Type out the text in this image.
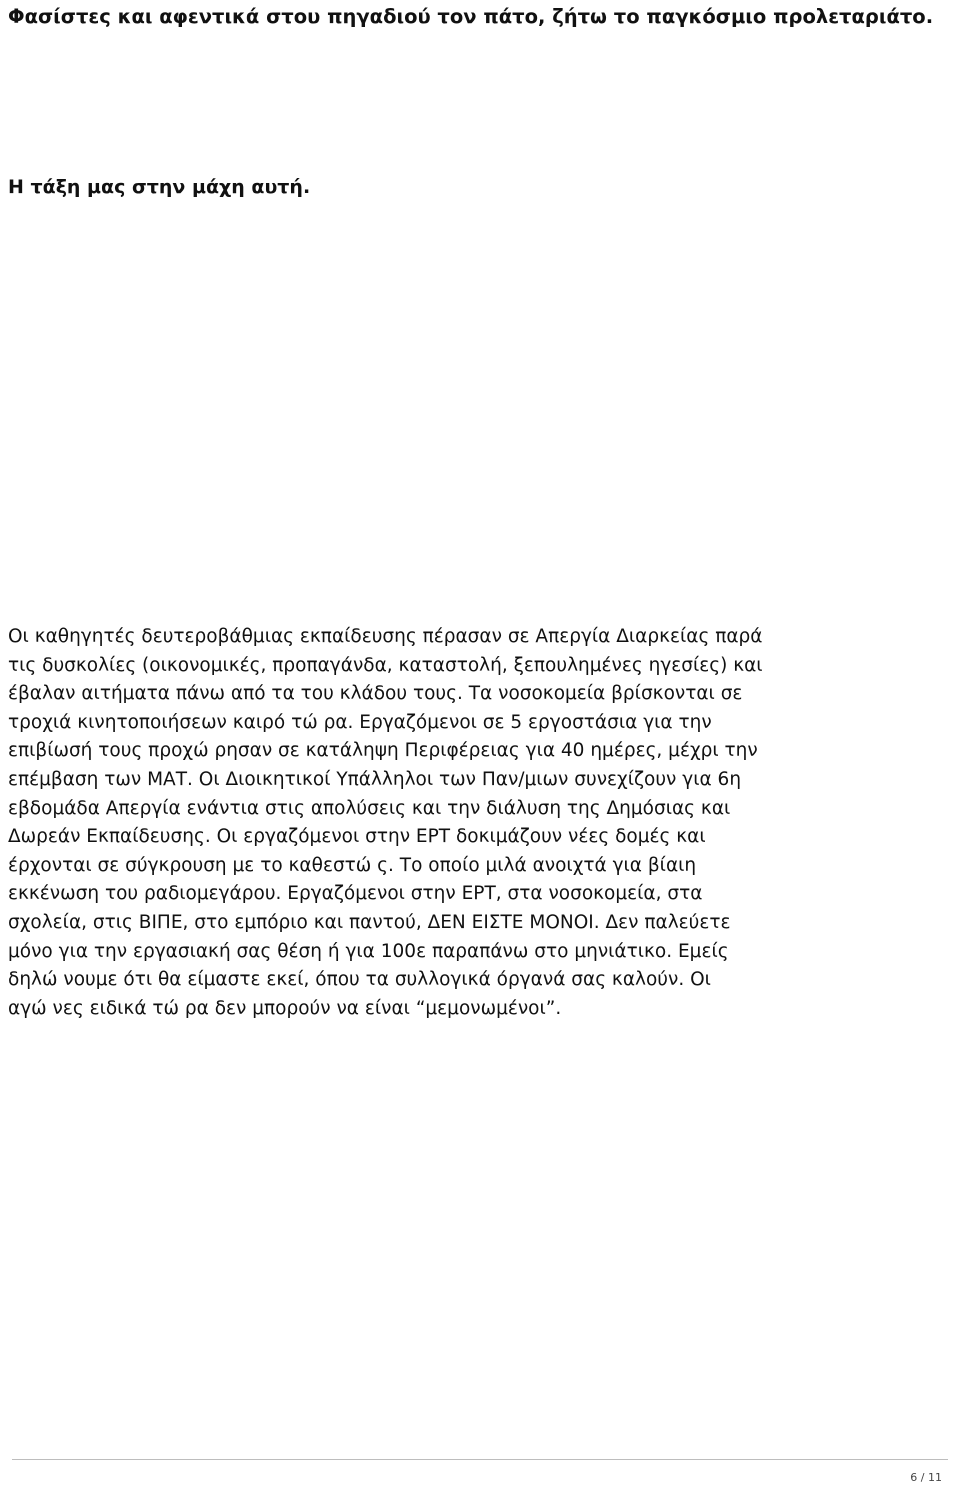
Φασίστες και αφεντικά στου πηγαδιού τον πάτο, ζήτω το παγκόσμιο προλεταριάτο.
Η τάξη μας στην μάχη αυτή.

Οι καθηγητές δευτεροβάθμιας εκπαίδευσης πέρασαν σε Απεργία Διαρκείας παρά
τις δυσκολίες (οικονομικές, προπαγάνδα, καταστολή, ξεπουλημένες ηγεσίες) και
έβαλαν αιτήματα πάνω από τα του κλάδου τους. Τα νοσοκομεία βρίσκονται σε
τροχιά κινητοποιήσεων καιρό τώ ρα. Εργαζόμενοι σε 5 εργοστάσια για την
επιβίωσή τους προχώ ρησαν σε κατάληψη Περιφέρειας για 40 ημέρες, μέχρι την
επέμβαση των ΜΑΤ. Οι Διοικητικοί Υπάλληλοι των Παν/μιων συνεχίζουν για 6η
εβδομάδα Απεργία ενάντια στις απολύσεις και την διάλυση της Δημόσιας και
Δωρεάν Εκπαίδευσης. Οι εργαζόμενοι στην ΕΡΤ δοκιμάζουν νέες δομές και
έρχονται σε σύγκρουση με το καθεστώ ς. Το οποίο μιλά ανοιχτά για βίαιη
εκκένωση του ραδιομεγάρου. Εργαζόμενοι στην ΕΡΤ, στα νοσοκομεία, στα
σχολεία, στις ΒΙΠΕ, στο εμπόριο και παντού, ΔΕΝ ΕΙΣΤΕ ΜΟΝΟΙ. Δεν παλεύετε
μόνο για την εργασιακή σας θέση ή για 100ε παραπάνω στο μηνιάτικο. Εμείς
δηλώ νουμε ότι θα είμαστε εκεί, όπου τα συλλογικά όργανά σας καλούν. Οι
αγώ νες ειδικά τώ ρα δεν μπορούν να είναι “μεμονωμένοι”.

6 / 11
